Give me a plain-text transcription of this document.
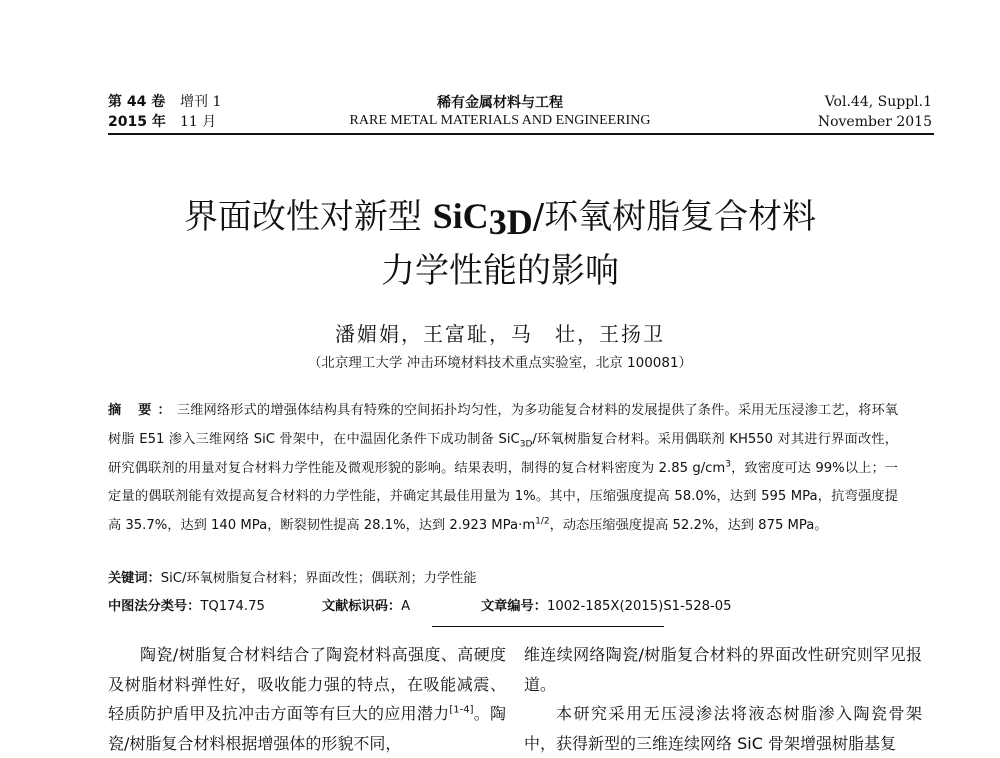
第 44 卷 增刊 1
2015 年 11 月
稀有金属材料与工程
RARE METAL MATERIALS AND ENGINEERING
Vol.44, Suppl.1
November 2015
界面改性对新型 SiC$_{3D}$/环氧树脂复合材料
力学性能的影响
潘媚娟，王富耻，马　壮，王扬卫
（北京理工大学 冲击环境材料技术重点实验室，北京 100081）
摘 要：三维网络形式的增强体结构具有特殊的空间拓扑均匀性，为多功能复合材料的发展提供了条件。采用无压浸渗工艺，将环氧树脂 E51 渗入三维网络 SiC 骨架中，在中温固化条件下成功制备 SiC$_{3D}$/环氧树脂复合材料。采用偶联剂 KH550 对其进行界面改性，研究偶联剂的用量对复合材料力学性能及微观形貌的影响。结果表明，制得的复合材料密度为 2.85 $g/cm^3$，致密度可达 99%以上；一定量的偶联剂能有效提高复合材料的力学性能，并确定其最佳用量为 1%。其中，压缩强度提高 58.0%，达到 595 MPa，抗弯强度提高 35.7%，达到 140 MPa，断裂韧性提高 28.1%，达到 2.923 $MPa\cdot m^{1/2}$，动态压缩强度提高 52.2%，达到 875 MPa。
关键词：SiC/环氧树脂复合材料；界面改性；偶联剂；力学性能
中图法分类号：TQ174.75	文献标识码：A	文章编号：1002-185X(2015)S1-528-05

陶瓷/树脂复合材料结合了陶瓷材料高强度、高硬度及树脂材料弹性好，吸收能力强的特点，在吸能减震、轻质防护盾甲及抗冲击方面等有巨大的应用潜力[1-4]。陶瓷/树脂复合材料根据增强体的形貌不同，

维连续网络陶瓷/树脂复合材料的界面改性研究则罕见报道。

本研究采用无压浸渗法将液态树脂渗入陶瓷骨架中，获得新型的三维连续网络 SiC 骨架增强树脂基复
